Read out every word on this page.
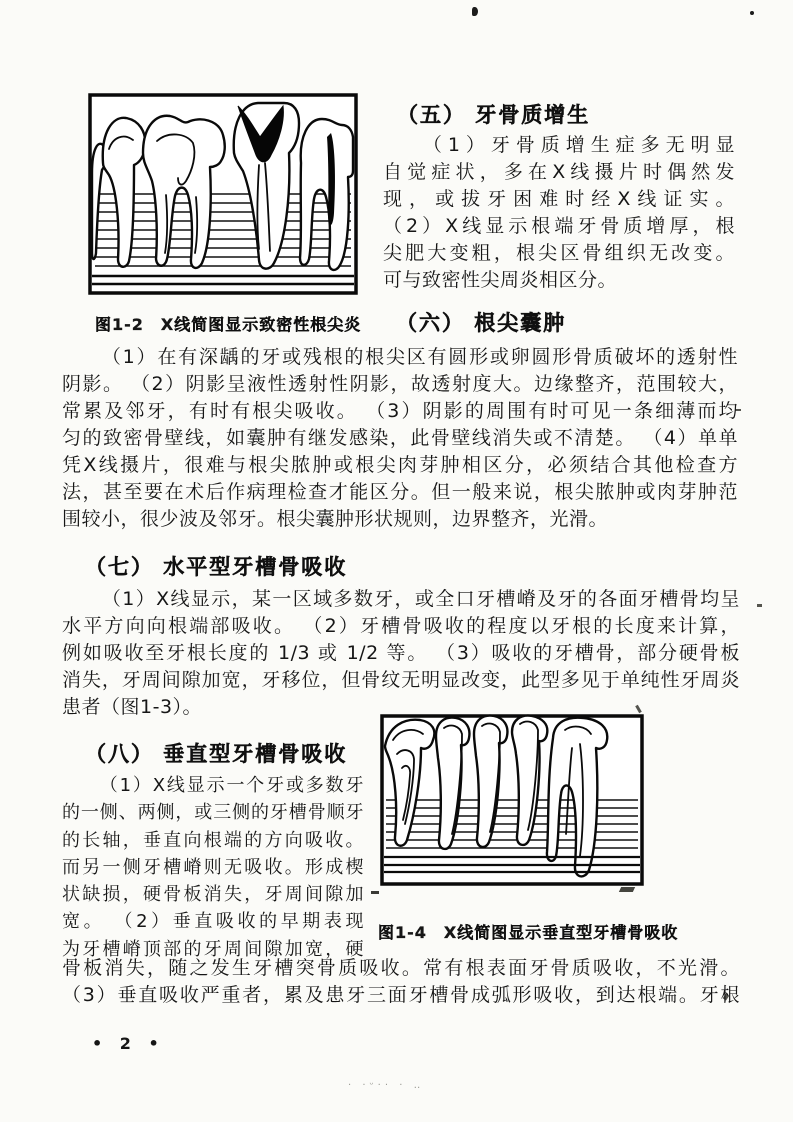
· ·ᵕ·· · ‥
（五） 牙骨质增生
（1）牙骨质增生症多无明显
自觉症状，多在X线摄片时偶然发
现，或拔牙困难时经X线证实。
（2）X线显示根端牙骨质增厚，根
尖肥大变粗，根尖区骨组织无改变。
可与致密性尖周炎相区分。
图1-2　X线简图显示致密性根尖炎 （六） 根尖囊肿
（1）在有深龋的牙或残根的根尖区有圆形或卵圆形骨质破坏的透射性
阴影。 （2）阴影呈液性透射性阴影，故透射度大。边缘整齐，范围较大，
常累及邻牙，有时有根尖吸收。 （3）阴影的周围有时可见一条细薄而均
匀的致密骨壁线，如囊肿有继发感染，此骨壁线消失或不清楚。 （4）单单
凭X线摄片，很难与根尖脓肿或根尖肉芽肿相区分，必须结合其他检查方
法，甚至要在术后作病理检查才能区分。但一般来说，根尖脓肿或肉芽肿范
围较小，很少波及邻牙。根尖囊肿形状规则，边界整齐，光滑。
（七） 水平型牙槽骨吸收
（1）X线显示，某一区域多数牙，或全口牙槽嵴及牙的各面牙槽骨均呈
水平方向向根端部吸收。 （2）牙槽骨吸收的程度以牙根的长度来计算，
例如吸收至牙根长度的 1/3 或 1/2 等。 （3）吸收的牙槽骨，部分硬骨板
消失，牙周间隙加宽，牙移位，但骨纹无明显改变，此型多见于单纯性牙周炎
患者（图1-3）。
（八） 垂直型牙槽骨吸收
（1）X线显示一个牙或多数牙
的一侧、两侧，或三侧的牙槽骨顺牙
的长轴，垂直向根端的方向吸收。
而另一侧牙槽嵴则无吸收。形成楔
状缺损，硬骨板消失，牙周间隙加
宽。 （2）垂直吸收的早期表现
为牙槽嵴顶部的牙周间隙加宽，硬
图1-4　X线简图显示垂直型牙槽骨吸收
骨板消失，随之发生牙槽突骨质吸收。常有根表面牙骨质吸收，不光滑。
（3）垂直吸收严重者，累及患牙三面牙槽骨成弧形吸收，到达根端。牙根
• 2 •
